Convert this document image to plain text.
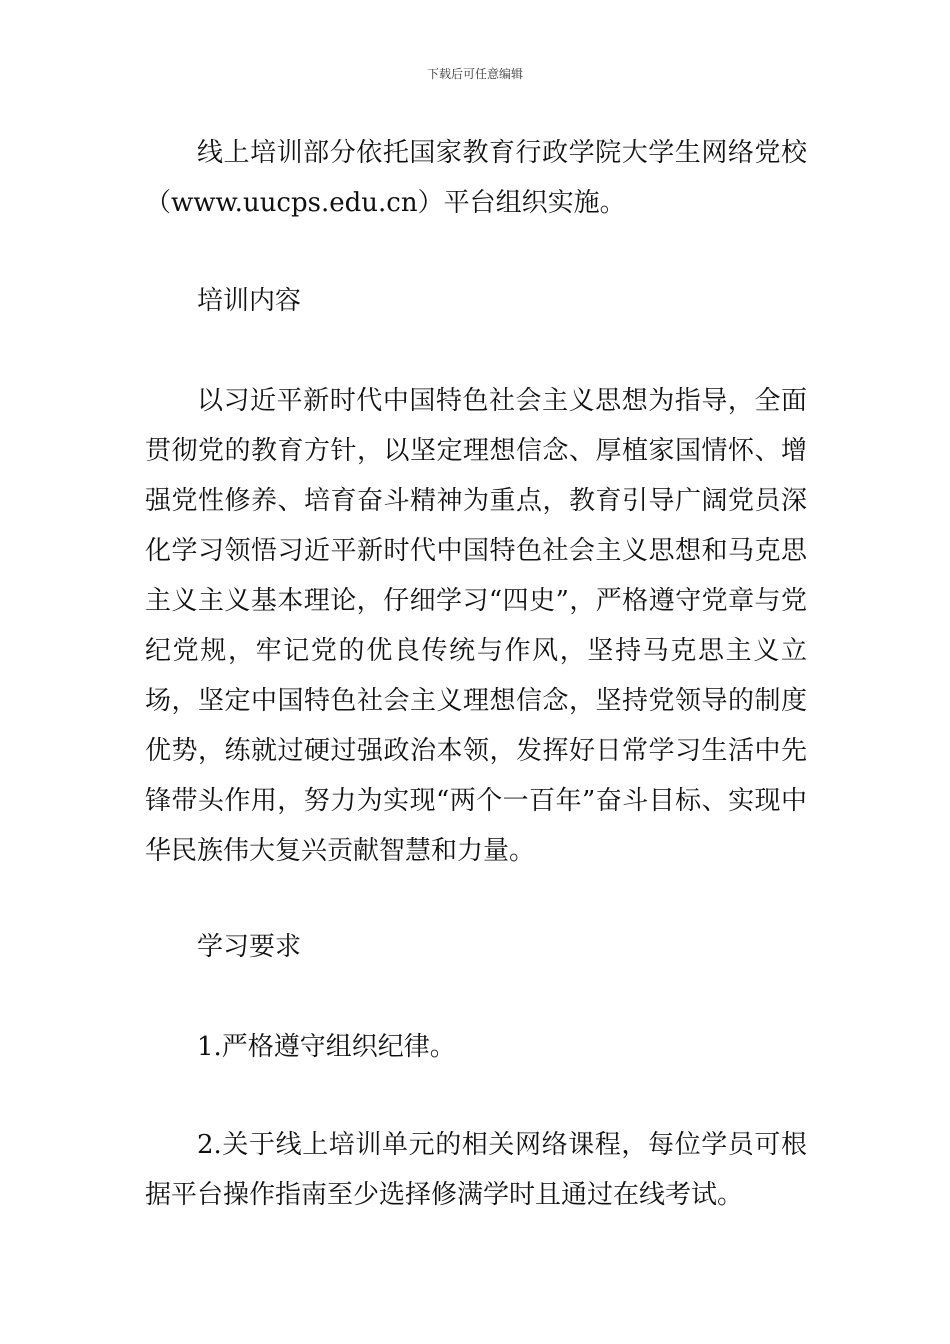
下载后可任意编辑

线上培训部分依托国家教育行政学院大学生网络党校（www.uucps.edu.cn）平台组织实施。

培训内容

以习近平新时代中国特色社会主义思想为指导，全面贯彻党的教育方针，以坚定理想信念、厚植家国情怀、增强党性修养、培育奋斗精神为重点，教育引导广阔党员深化学习领悟习近平新时代中国特色社会主义思想和马克思主义主义基本理论，仔细学习“四史”，严格遵守党章与党纪党规，牢记党的优良传统与作风，坚持马克思主义立场，坚定中国特色社会主义理想信念，坚持党领导的制度优势，练就过硬过强政治本领，发挥好日常学习生活中先锋带头作用，努力为实现“两个一百年”奋斗目标、实现中华民族伟大复兴贡献智慧和力量。

学习要求

1.严格遵守组织纪律。

2.关于线上培训单元的相关网络课程，每位学员可根据平台操作指南至少选择修满学时且通过在线考试。
